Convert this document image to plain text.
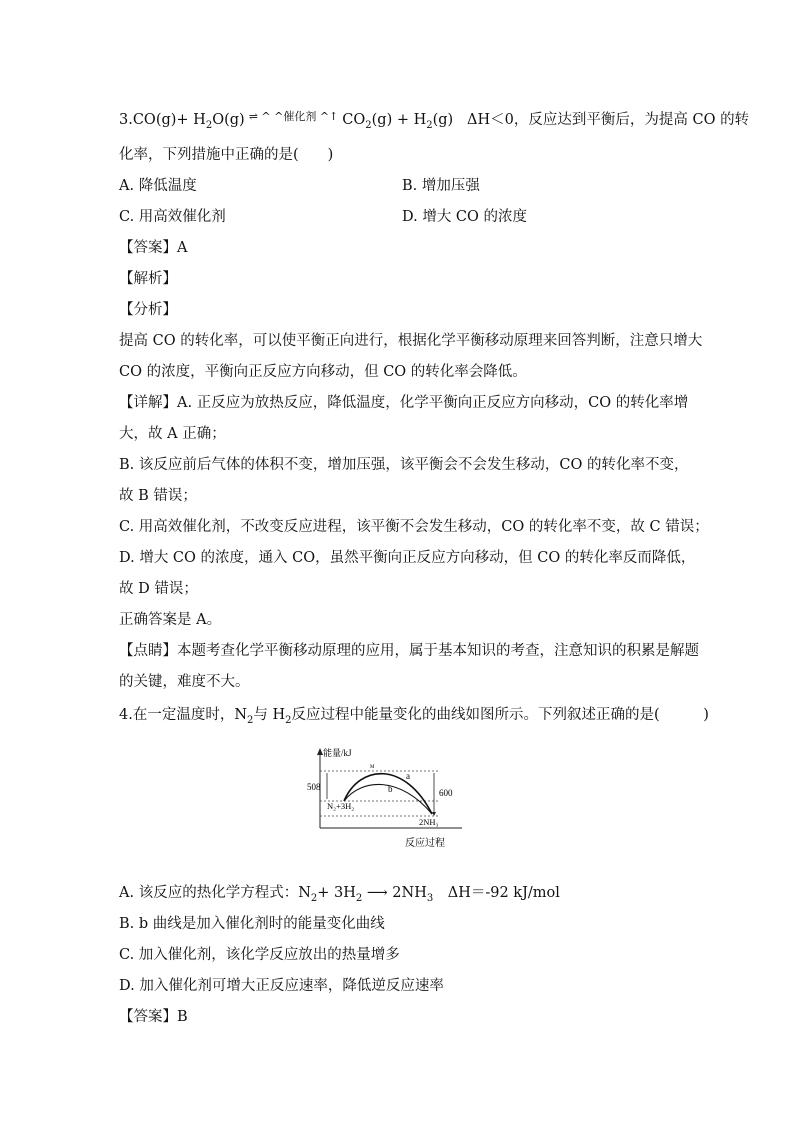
$3.CO(g)+ H_2O(g)$ ⇌ ^ ^催化剂 ^↑ $CO_2(g) + H_2(g)$ ΔH＜0，反应达到平衡后，为提高 CO 的转
化率，下列措施中正确的是(　　)
A. 降低温度	B. 增加压强
C. 用高效催化剂	D. 增大 CO 的浓度
【答案】A
【解析】
【分析】
提高 CO 的转化率，可以使平衡正向进行，根据化学平衡移动原理来回答判断，注意只增大
CO 的浓度，平衡向正反应方向移动，但 CO 的转化率会降低。
【详解】A. 正反应为放热反应，降低温度，化学平衡向正反应方向移动，CO 的转化率增
大，故 A 正确；
B. 该反应前后气体的体积不变，增加压强，该平衡会不会发生移动，CO 的转化率不变，
故 B 错误；
C. 用高效催化剂，不改变反应进程，该平衡不会发生移动，CO 的转化率不变，故 C 错误；
D. 增大 CO 的浓度，通入 CO，虽然平衡向正反应方向移动，但 CO 的转化率反而降低，
故 D 错误；
正确答案是 A。
【点睛】本题考查化学平衡移动原理的应用，属于基本知识的考查，注意知识的积累是解题
的关键，难度不大。
4.在一定温度时，$N_2$与 $H_2$反应过程中能量变化的曲线如图所示。下列叙述正确的是(　　　)
能量/kJ
508
600
N₂+3H₂
2NH₃
a
b
M
反应过程
A. 该反应的热化学方程式：$N_2+ 3H_2$ ⟶ $2NH_3$　ΔH＝-92 kJ/mol
B. b 曲线是加入催化剂时的能量变化曲线
C. 加入催化剂，该化学反应放出的热量增多
D. 加入催化剂可增大正反应速率，降低逆反应速率
【答案】B
